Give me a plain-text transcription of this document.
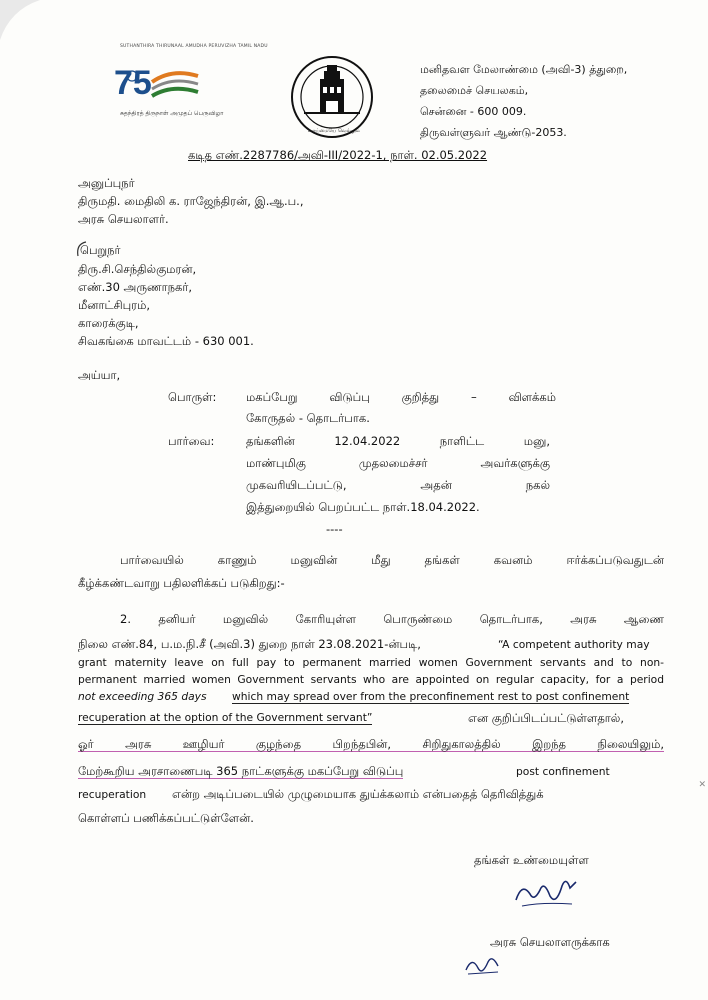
SUTHANTHIRA THIRUNAAL AMUDHA PERUVIZHA TAMIL NADU
75
சுதந்திரத் திருநாள் அமுதப் பெருவிழா
வாய்மையே வெல்லும்
மனிதவள மேலாண்மை (அவி-3) த்துறை,
தலைமைச் செயலகம்,
சென்னை - 600 009.
திருவள்ளுவர் ஆண்டு-2053.
கடித எண்.2287786/அவி-III/2022-1, நாள். 02.05.2022
அனுப்புநர்
திருமதி. மைதிலி க. ராஜேந்திரன், இ.ஆ.ப.,
அரசு செயலாளர்.
பெறுநர்
திரு.சி.செந்தில்குமரன்,
எண்.30 அருணாநகர்,
மீனாட்சிபுரம்,
காரைக்குடி,
சிவகங்கை மாவட்டம் - 630 001.
அய்யா,
பொருள்:	மகப்பேறு விடுப்பு குறித்து – விளக்கம்
கோருதல் - தொடர்பாக.
பார்வை:	தங்களின் 12.04.2022 நாளிட்ட மனு,
மாண்புமிகு முதலமைச்சர் அவர்களுக்கு
முகவரியிடப்பட்டு, அதன் நகல்
இத்துறையில் பெறப்பட்ட நாள்.18.04.2022.
----
பார்வையில் காணும் மனுவின் மீது தங்கள் கவனம் ஈர்க்கப்படுவதுடன்
கீழ்க்கண்டவாறு பதிலளிக்கப் படுகிறது:-
2. தனியர் மனுவில் கோரியுள்ள பொருண்மை தொடர்பாக, அரசு ஆணை
நிலை எண்.84, ப.ம.நி.சீ (அவி.3) துறை நாள் 23.08.2021-ன்படி,	“A competent authority may
grant maternity leave on full pay to permanent married women Government servants and to non-
permanent married women Government servants who are appointed on regular capacity, for a period
not exceeding 365 days which may spread over from the preconfinement rest to post confinement
recuperation at the option of the Government servant”	என குறிப்பிடப்பட்டுள்ளதால்,
ஓர் அரசு ஊழியர் குழந்தை பிறந்தபின், சிறிதுகாலத்தில் இறந்த நிலையிலும்,
மேற்கூறிய அரசாணைபடி 365 நாட்களுக்கு மகப்பேறு விடுப்பு	post confinement
recuperation என்ற அடிப்படையில் முழுமையாக துய்க்கலாம் என்பதைத் தெரிவித்துக்
கொள்ளப் பணிக்கப்பட்டுள்ளேன்.
✕
தங்கள் உண்மையுள்ள
அரசு செயலாளருக்காக
